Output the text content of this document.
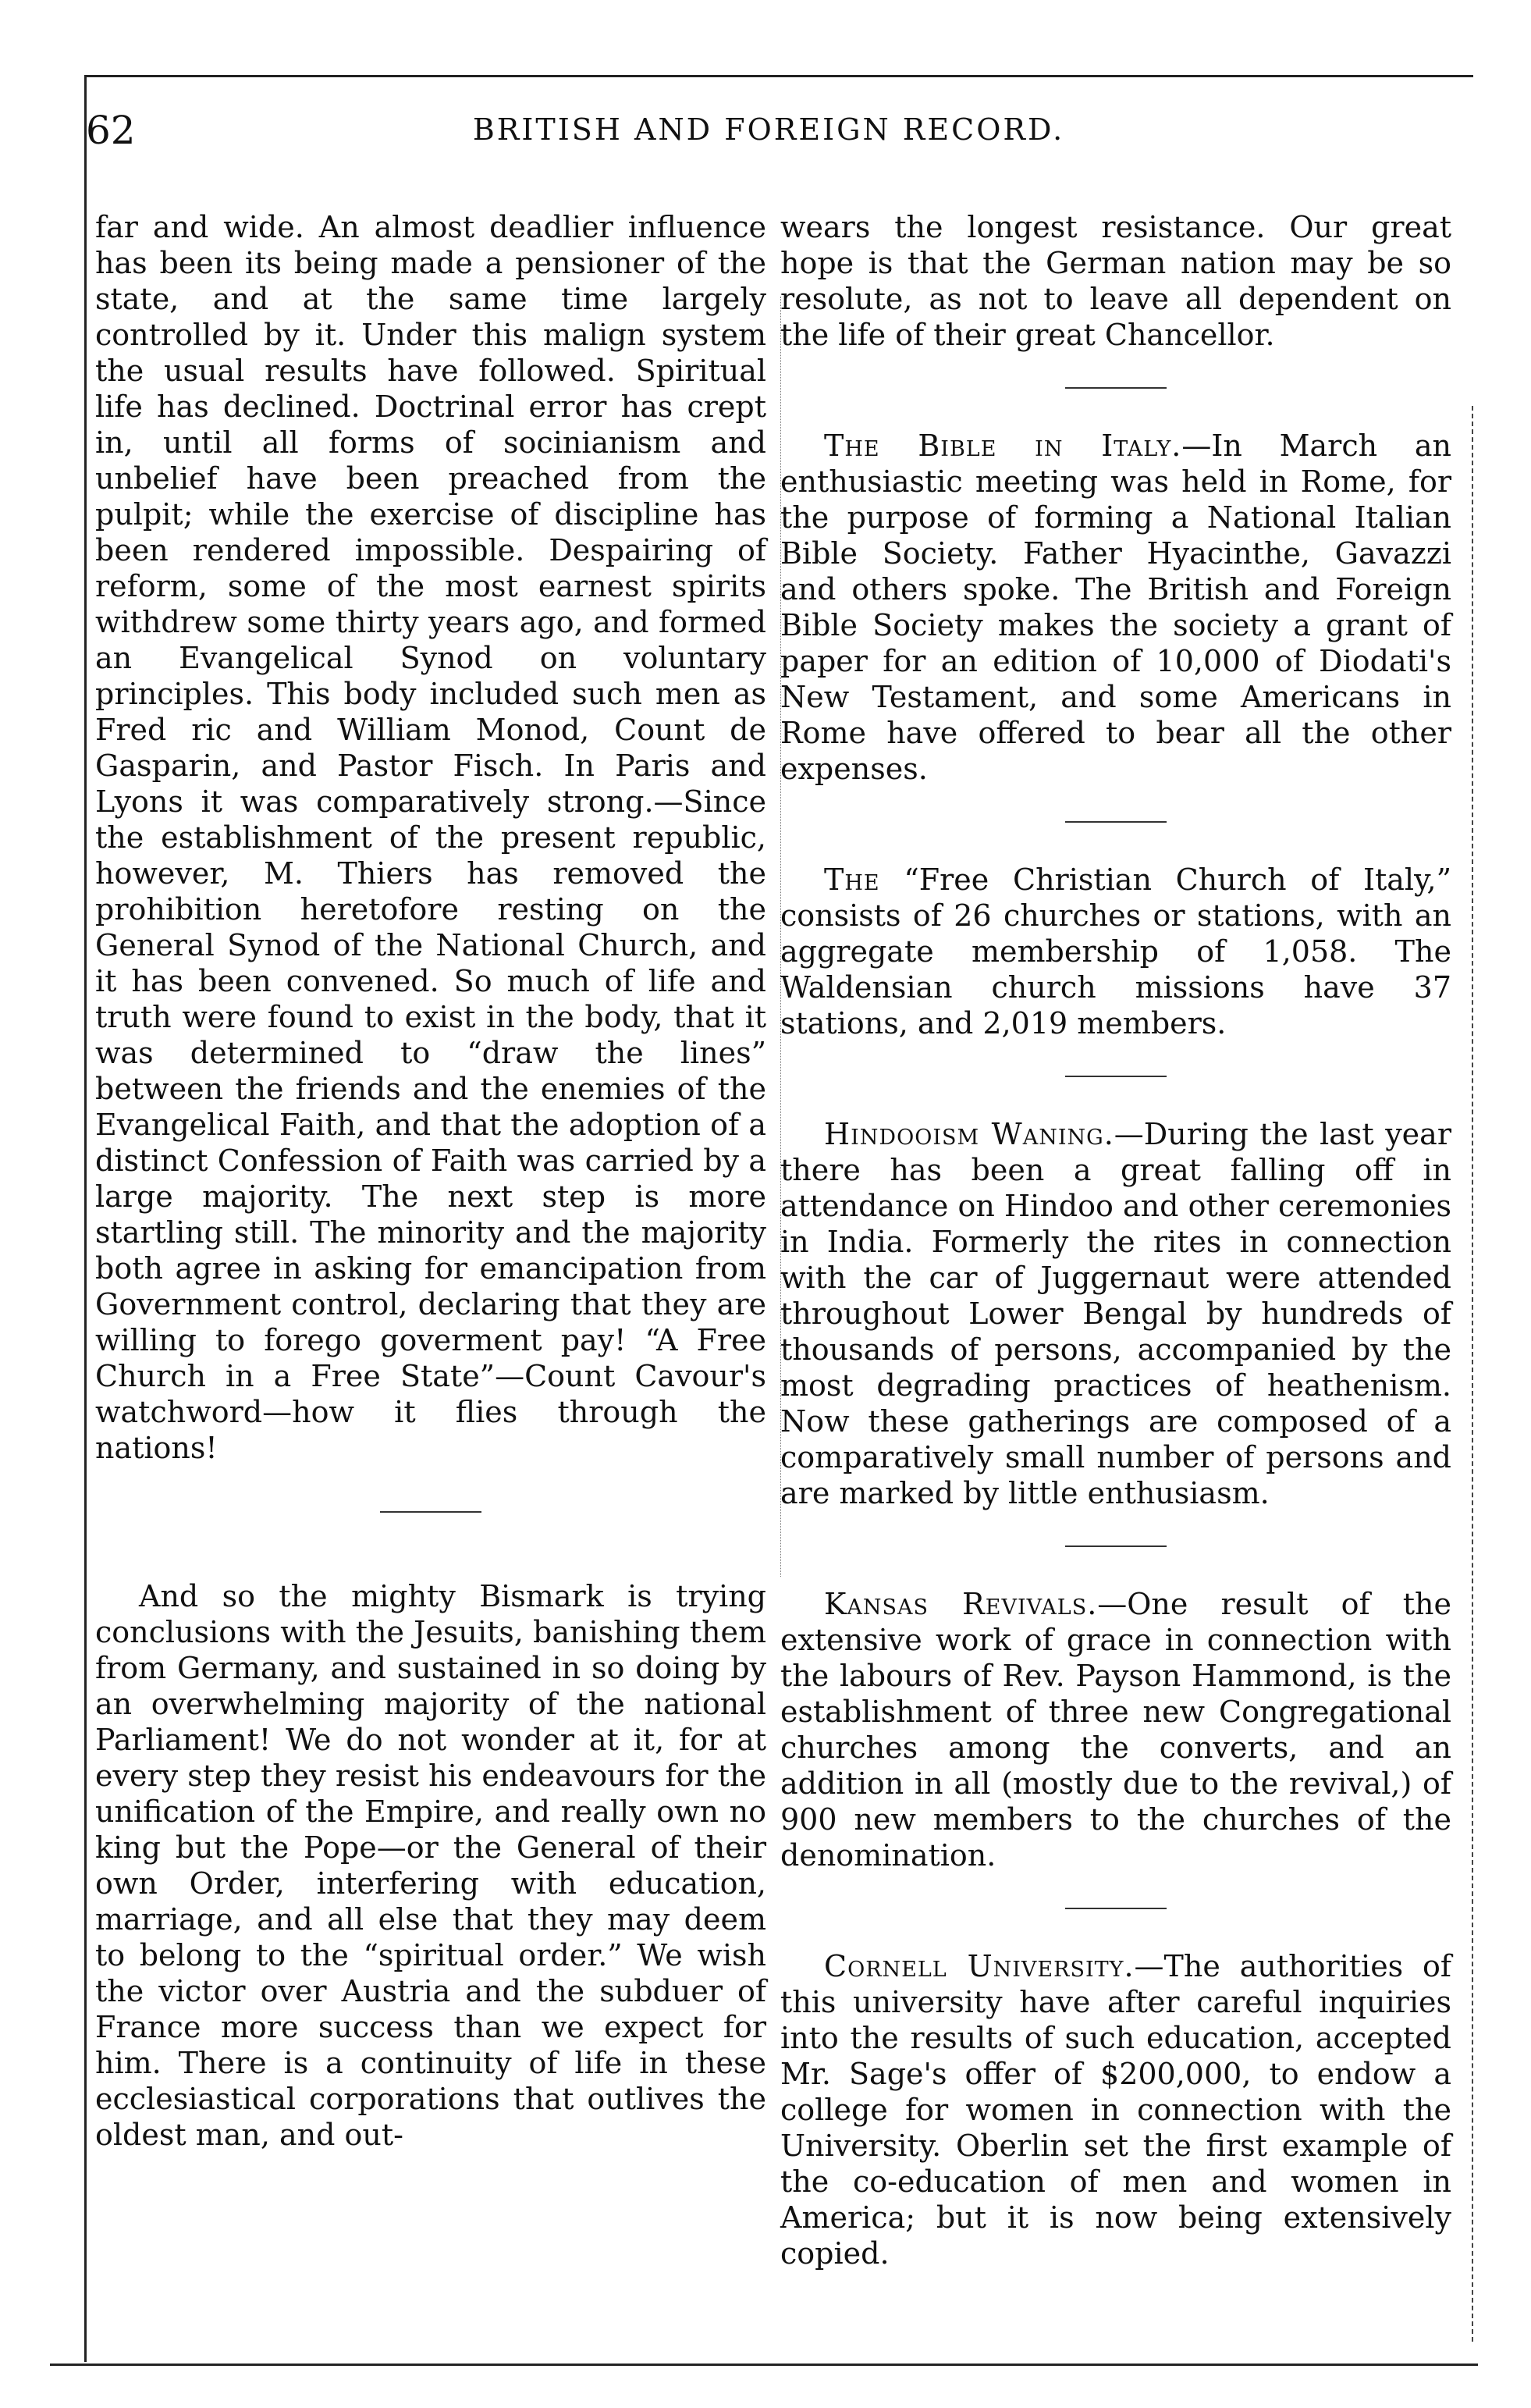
62	BRITISH AND FOREIGN RECORD.

far and wide. An almost deadlier influence has been its being made a pensioner of the state, and at the same time largely controlled by it. Under this malign system the usual results have followed. Spiritual life has declined. Doctrinal error has crept in, until all forms of socinianism and unbelief have been preached from the pulpit; while the exercise of discipline has been rendered impossible. Despairing of reform, some of the most earnest spirits withdrew some thirty years ago, and formed an Evangelical Synod on voluntary principles. This body included such men as Fred ric and William Monod, Count de Gasparin, and Pastor Fisch. In Paris and Lyons it was comparatively strong.—Since the establishment of the present republic, however, M. Thiers has removed the prohibition heretofore resting on the General Synod of the National Church, and it has been convened. So much of life and truth were found to exist in the body, that it was determined to “draw the lines” between the friends and the enemies of the Evangelical Faith, and that the adoption of a distinct Confession of Faith was carried by a large majority. The next step is more startling still. The minority and the majority both agree in asking for emancipation from Government control, declaring that they are willing to forego goverment pay! “A Free Church in a Free State”—Count Cavour's watchword—how it flies through the nations!

And so the mighty Bismark is trying conclusions with the Jesuits, banishing them from Germany, and sustained in so doing by an overwhelming majority of the national Parliament! We do not wonder at it, for at every step they resist his endeavours for the unification of the Empire, and really own no king but the Pope—or the General of their own Order, interfering with education, marriage, and all else that they may deem to belong to the “spiritual order.” We wish the victor over Austria and the subduer of France more success than we expect for him. There is a continuity of life in these ecclesiastical corporations that outlives the oldest man, and out-

wears the longest resistance. Our great hope is that the German nation may be so resolute, as not to leave all dependent on the life of their great Chancellor.

The Bible in Italy.—In March an enthusiastic meeting was held in Rome, for the purpose of forming a National Italian Bible Society. Father Hyacinthe, Gavazzi and others spoke. The British and Foreign Bible Society makes the society a grant of paper for an edition of 10,000 of Diodati's New Testament, and some Americans in Rome have offered to bear all the other expenses.

The “Free Christian Church of Italy,” consists of 26 churches or stations, with an aggregate membership of 1,058. The Waldensian church missions have 37 stations, and 2,019 members.

Hindooism Waning.—During the last year there has been a great falling off in attendance on Hindoo and other ceremonies in India. Formerly the rites in connection with the car of Juggernaut were attended throughout Lower Bengal by hundreds of thousands of persons, accompanied by the most degrading practices of heathenism. Now these gatherings are composed of a comparatively small number of persons and are marked by little enthusiasm.

Kansas Revivals.—One result of the extensive work of grace in connection with the labours of Rev. Payson Hammond, is the establishment of three new Congregational churches among the converts, and an addition in all (mostly due to the revival,) of 900 new members to the churches of the denomination.

Cornell University.—The authorities of this university have after careful inquiries into the results of such education, accepted Mr. Sage's offer of $200,000, to endow a college for women in connection with the University. Oberlin set the first example of the co-education of men and women in America; but it is now being extensively copied.
